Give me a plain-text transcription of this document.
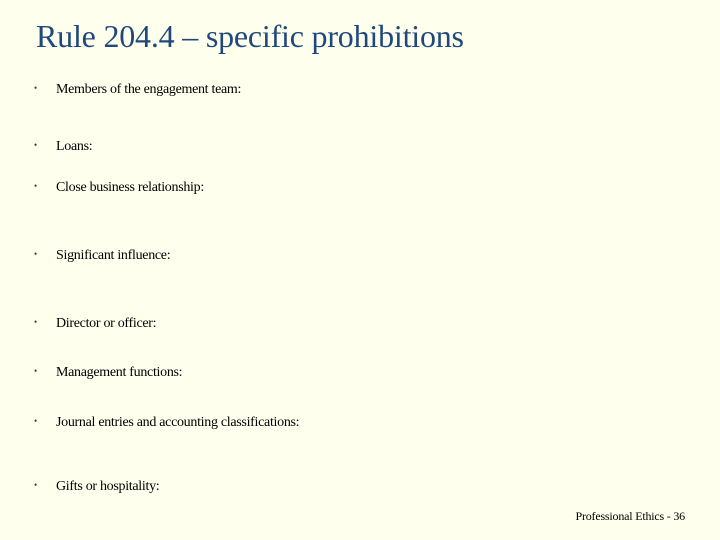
Rule 204.4 – specific prohibitions
• Members of the engagement team:
• Loans:
• Close business relationship:
• Significant influence:
• Director or officer:
• Management functions:
• Journal entries and accounting classifications:
• Gifts or hospitality:
Professional Ethics - 36
